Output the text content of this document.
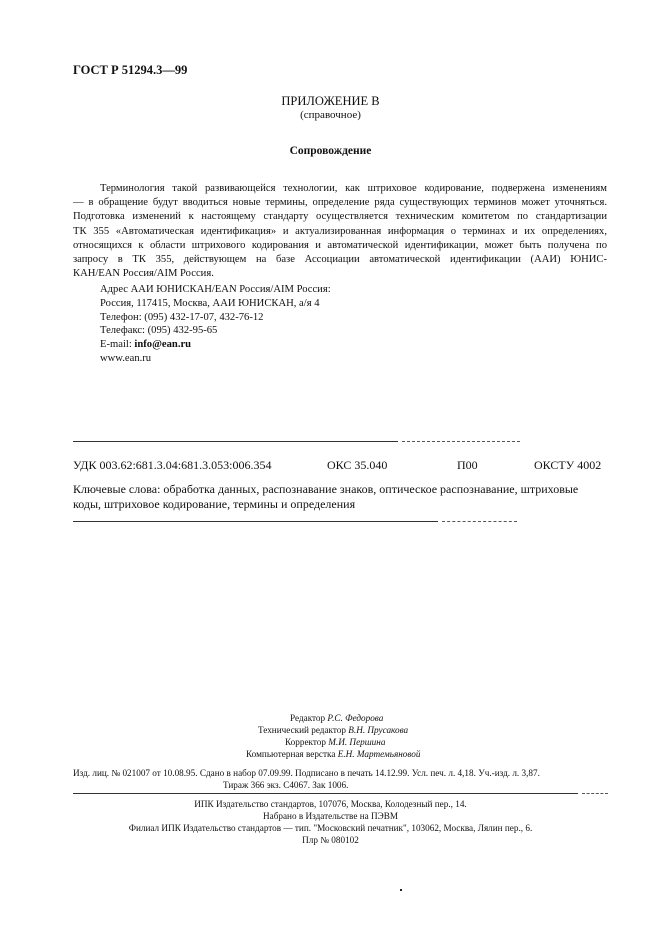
ГОСТ Р 51294.3—99
ПРИЛОЖЕНИЕ В
(справочное)
Сопровождение
Терминология такой развивающейся технологии, как штриховое кодирование, подвержена изменениям
— в обращение будут вводиться новые термины, определение ряда существующих терминов может уточняться.
Подготовка изменений к настоящему стандарту осуществляется техническим комитетом по стандартизации
ТК 355 «Автоматическая идентификация» и актуализированная информация о терминах и их определениях,
относящихся к области штрихового кодирования и автоматической идентификации, может быть получена по
запросу в ТК 355, действующем на базе Ассоциации автоматической идентификации (ААИ) ЮНИС-
КАН/EAN Россия/AIM Россия.
Адрес ААИ ЮНИСКАН/EAN Россия/AIM Россия:
Россия, 117415, Москва, ААИ ЮНИСКАН, а/я 4
Телефон: (095) 432-17-07, 432-76-12
Телефакс: (095) 432-95-65
E-mail: info@ean.ru
www.ean.ru
УДК 003.62:681.3.04:681.3.053:006.354	ОКС 35.040	П00	ОКСТУ 4002
Ключевые слова: обработка данных, распознавание знаков, оптическое распознавание, штриховые коды, штриховое кодирование, термины и определения
Редактор Р.С. Федорова
Технический редактор В.Н. Прусакова
Корректор М.И. Першина
Компьютерная верстка Е.Н. Мартемьяновой
Изд. лиц. № 021007 от 10.08.95. Сдано в набор 07.09.99. Подписано в печать 14.12.99. Усл. печ. л. 4,18. Уч.-изд. л. 3,87.
Тираж 366 экз. С4067. Зак 1006.
ИПК Издательство стандартов, 107076, Москва, Колодезный пер., 14.
Набрано в Издательстве на ПЭВМ
Филиал ИПК Издательство стандартов — тип. "Московский печатник", 103062, Москва, Лялин пер., 6.
Плр № 080102
